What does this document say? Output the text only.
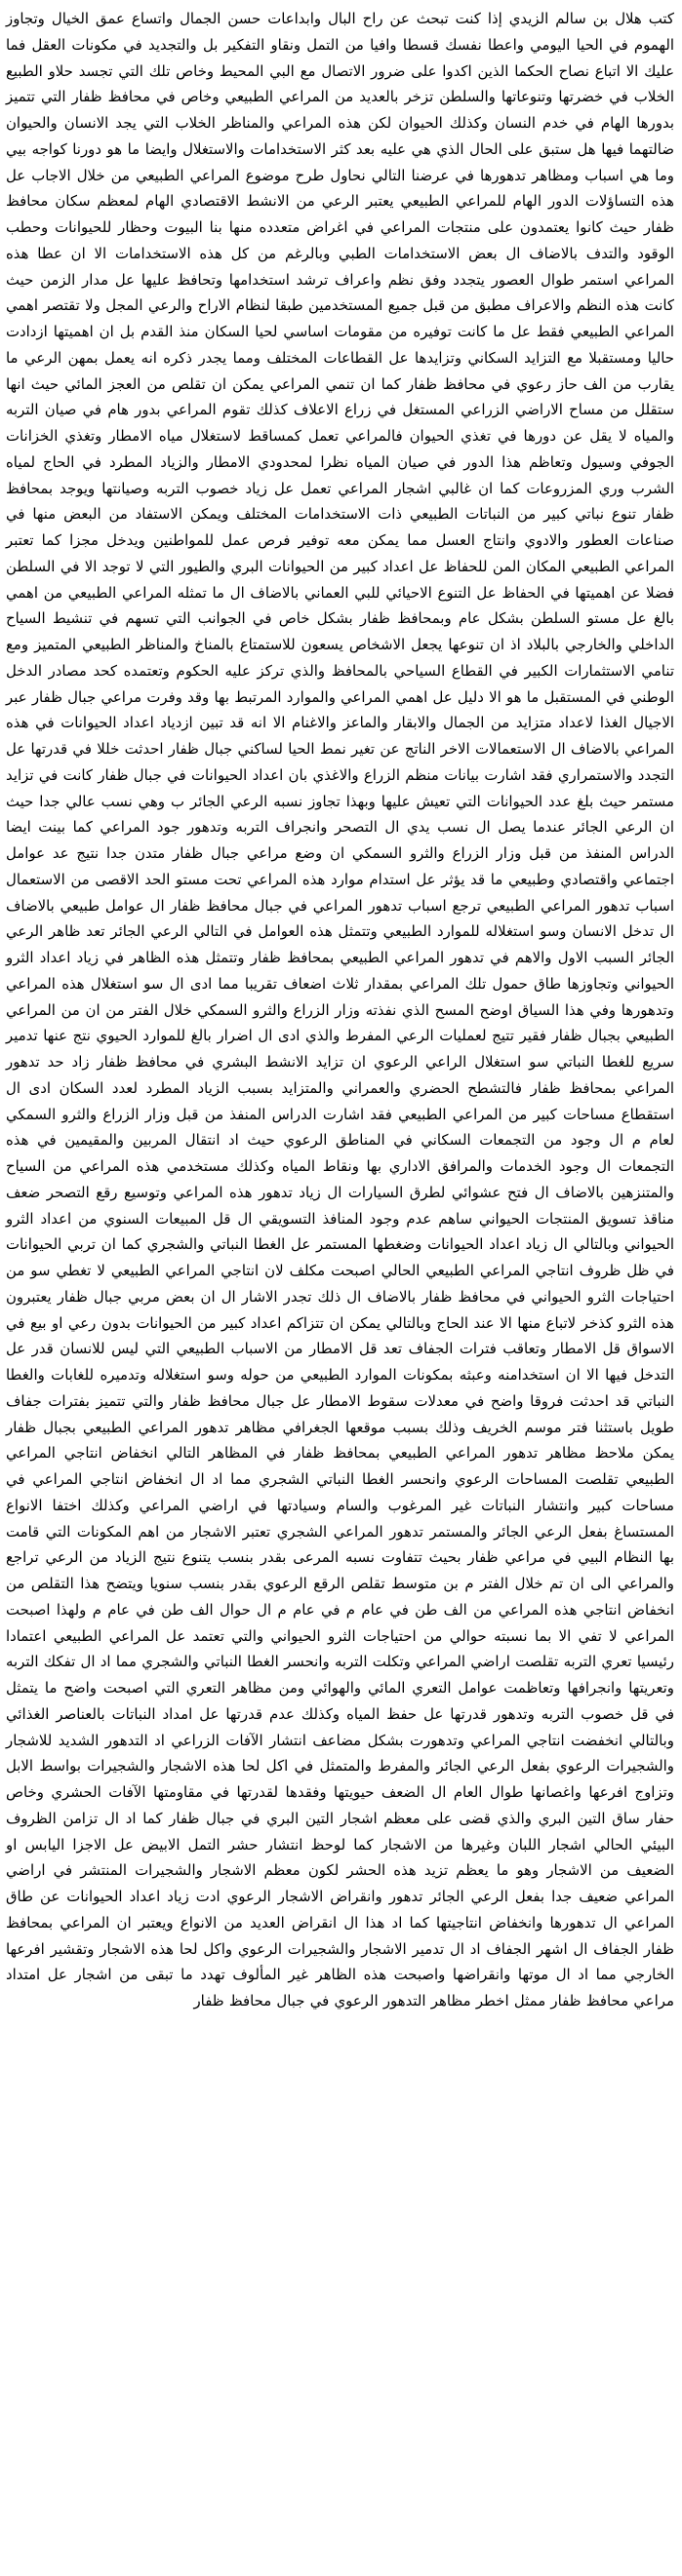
كتب هلال بن سالم الزيدي إذا كنت تبحث عن راح البال وابداعات حسن الجمال واتساع عمق الخيال وتجاوز الهموم في الحيا اليومي واعطا نفسك قسطا وافيا من التمل ونقاو التفكير بل والتجديد في مكونات العقل فما عليك الا اتباع نصاح الحكما الذين اكدوا على ضرور الاتصال مع البي المحيط وخاص تلك التي تجسد حلاو الطبيع الخلاب في خضرتها وتنوعاتها والسلطن تزخر بالعديد من المراعي الطبيعي وخاص في محافظ ظفار التي تتميز بدورها الهام في خدم النسان وكذلك الحيوان لكن هذه المراعي والمناظر الخلاب التي يجد الانسان والحيوان ضالتهما فيها هل ستبق على الحال الذي هي عليه بعد كثر الاستخدامات والاستغلال وايضا ما هو دورنا كواجه بيي وما هي اسباب ومظاهر تدهورها في عرضنا التالي نحاول طرح موضوع المراعي الطبيعي من خلال الاجاب عل هذه التساؤلات الدور الهام للمراعي الطبيعي يعتبر الرعي من الانشط الاقتصادي الهام لمعظم سكان محافظ ظفار حيث كانوا يعتمدون على منتجات المراعي في اغراض متعدده منها بنا البيوت وحظار للحيوانات وحطب الوقود والتدف بالاضاف ال بعض الاستخدامات الطبي وبالرغم من كل هذه الاستخدامات الا ان عطا هذه المراعي استمر طوال العصور يتجدد وفق نظم واعراف ترشد استخدامها وتحافظ عليها عل مدار الزمن حيث كانت هذه النظم والاعراف مطبق من قبل جميع المستخدمين طبقا لنظام الاراح والرعي المجل ولا تقتصر اهمي المراعي الطبيعي فقط عل ما كانت توفيره من مقومات اساسي لحيا السكان منذ القدم بل ان اهميتها ازدادت حاليا ومستقبلا مع التزايد السكاني وتزايدها عل القطاعات المختلف ومما يجدر ذكره انه يعمل بمهن الرعي ما يقارب من الف حاز رعوي في محافظ ظفار كما ان تنمي المراعي يمكن ان تقلص من العجز المائي حيث انها ستقلل من مساح الاراضي الزراعي المستغل في زراع الاعلاف كذلك تقوم المراعي بدور هام في صيان التربه والمياه لا يقل عن دورها في تغذي الحيوان فالمراعي تعمل كمساقط لاستغلال مياه الامطار وتغذي الخزانات الجوفي وسيول وتعاظم هذا الدور في صيان المياه نظرا لمحدودي الامطار والزياد المطرد في الحاج لمياه الشرب وري المزروعات كما ان غالبي اشجار المراعي تعمل عل زياد خصوب التربه وصيانتها ويوجد بمحافظ ظفار تنوع نباتي كبير من النباتات الطبيعي ذات الاستخدامات المختلف ويمكن الاستفاد من البعض منها في صناعات العطور والادوي وانتاج العسل مما يمكن معه توفير فرص عمل للمواطنين ويدخل مجزا كما تعتبر المراعي الطبيعي المكان المن للحفاظ عل اعداد كبير من الحيوانات البري والطيور التي لا توجد الا في السلطن فضلا عن اهميتها في الحفاظ عل التنوع الاحيائي للبي العماني بالاضاف ال ما تمثله المراعي الطبيعي من اهمي بالغ عل مستو السلطن بشكل عام وبمحافظ ظفار بشكل خاص في الجوانب التي تسهم في تنشيط السياح الداخلي والخارجي بالبلاد اذ ان تنوعها يجعل الاشخاص يسعون للاستمتاع بالمناخ والمناظر الطبيعي المتميز ومع تنامي الاستثمارات الكبير في القطاع السياحي بالمحافظ والذي تركز عليه الحكوم وتعتمده كحد مصادر الدخل الوطني في المستقبل ما هو الا دليل عل اهمي المراعي والموارد المرتبط بها وقد وفرت مراعي جبال ظفار عبر الاجيال الغذا لاعداد متزايد من الجمال والابقار والماعز والاغنام الا انه قد تبين ازدياد اعداد الحيوانات في هذه المراعي بالاضاف ال الاستعمالات الاخر الناتج عن تغير نمط الحيا لساكني جبال ظفار احدثت خللا في قدرتها عل التجدد والاستمراري فقد اشارت بيانات منظم الزراع والاغذي بان اعداد الحيوانات في جبال ظفار كانت في تزايد مستمر حيث بلغ عدد الحيوانات التي تعيش عليها وبهذا تجاوز نسبه الرعي الجائر ب وهي نسب عالي جدا حيث ان الرعي الجائر عندما يصل ال نسب يدي ال التصحر وانجراف التربه وتدهور جود المراعي كما بينت ايضا الدراس المنفذ من قبل وزار الزراع والثرو السمكي ان وضع مراعي جبال ظفار متدن جدا نتيج عد عوامل اجتماعي واقتصادي وطبيعي ما قد يؤثر عل استدام موارد هذه المراعي تحت مستو الحد الاقصى من الاستعمال اسباب تدهور المراعي الطبيعي ترجع اسباب تدهور المراعي في جبال محافظ ظفار ال عوامل طبيعي بالاضاف ال تدخل الانسان وسو استغلاله للموارد الطبيعي وتتمثل هذه العوامل في التالي الرعي الجائر تعد ظاهر الرعي الجائر السبب الاول والاهم في تدهور المراعي الطبيعي بمحافظ ظفار وتتمثل هذه الظاهر في زياد اعداد الثرو الحيواني وتجاوزها طاق حمول تلك المراعي بمقدار ثلاث اضعاف تقريبا مما ادى ال سو استغلال هذه المراعي وتدهورها وفي هذا السياق اوضح المسح الذي نفذته وزار الزراع والثرو السمكي خلال الفتر من ان من المراعي الطبيعي بجبال ظفار فقير تتيج لعمليات الرعي المفرط والذي ادى ال اضرار بالغ للموارد الحيوي نتج عنها تدمير سريع للغطا النباتي سو استغلال الراعي الرعوي ان تزايد الانشط البشري في محافظ ظفار زاد حد تدهور المراعي بمحافظ ظفار فالتشطح الحضري والعمراني والمتزايد بسبب الزياد المطرد لعدد السكان ادى ال استقطاع مساحات كبير من المراعي الطبيعي فقد اشارت الدراس المنفذ من قبل وزار الزراع والثرو السمكي لعام م ال وجود من التجمعات السكاني في المناطق الرعوي حيث اد انتقال المربين والمقيمين في هذه التجمعات ال وجود الخدمات والمرافق الاداري بها ونقاط المياه وكذلك مستخدمي هذه المراعي من السياح والمتنزهين بالاضاف ال فتح عشوائي لطرق السيارات ال زياد تدهور هذه المراعي وتوسيع رقع التصحر ضعف مناقذ تسويق المنتجات الحيواني ساهم عدم وجود المنافذ التسويقي ال قل المبيعات السنوي من اعداد الثرو الحيواني وبالتالي ال زياد اعداد الحيوانات وضغطها المستمر عل الغطا النباتي والشجري كما ان تربي الحيوانات في ظل ظروف انتاجي المراعي الطبيعي الحالي اصبحت مكلف لان انتاجي المراعي الطبيعي لا تغطي سو من احتياجات الثرو الحيواني في محافظ ظفار بالاضاف ال ذلك تجدر الاشار ال ان بعض مربي جبال ظفار يعتبرون هذه الثرو كذخر لاتباع منها الا عند الحاج وبالتالي يمكن ان تتزاكم اعداد كبير من الحيوانات بدون رعي او بيع في الاسواق قل الامطار وتعاقب فترات الجفاف تعد قل الامطار من الاسباب الطبيعي التي ليس للانسان قدر عل التدخل فيها الا ان استخدامنه وعبثه بمكونات الموارد الطبيعي من حوله وسو استغلاله وتدميره للغابات والغطا النباتي قد احدثت فروقا واضح في معدلات سقوط الامطار عل جبال محافظ ظفار والتي تتميز بفترات جفاف طويل باستثنا فتر موسم الخريف وذلك بسبب موقعها الجغرافي مظاهر تدهور المراعي الطبيعي بجبال ظفار يمكن ملاحظ مظاهر تدهور المراعي الطبيعي بمحافظ ظفار في المظاهر التالي انخفاض انتاجي المراعي الطبيعي تقلصت المساحات الرعوي وانحسر الغطا النباتي الشجري مما اد ال انخفاض انتاجي المراعي في مساحات كبير وانتشار النباتات غير المرغوب والسام وسيادتها في اراضي المراعي وكذلك اختفا الانواع المستساغ بفعل الرعي الجائر والمستمر تدهور المراعي الشجري تعتبر الاشجار من اهم المكونات التي قامت بها النظام البيي في مراعي ظفار بحيث تتفاوت نسبه المرعى بقدر بنسب يتنوع نتيج الزياد من الرعي تراجع والمراعي الى ان تم خلال الفتر م بن متوسط تقلص الرقع الرعوي بقدر بنسب سنويا ويتضح هذا التقلص من انخفاض انتاجي هذه المراعي من الف طن في عام م في عام م ال حوال الف طن في عام م ولهذا اصبحت المراعي لا تفي الا بما نسبته حوالي من احتياجات الثرو الحيواني والتي تعتمد عل المراعي الطبيعي اعتمادا رئيسيا تعري التربه تقلصت اراضي المراعي وتكلت التربه وانحسر الغطا النباتي والشجري مما اد ال تفكك التربه وتعريتها وانجرافها وتعاظمت عوامل التعري المائي والهوائي ومن مظاهر التعري التي اصبحت واضح ما يتمثل في قل خصوب التربه وتدهور قدرتها عل حفظ المياه وكذلك عدم قدرتها عل امداد النباتات بالعناصر الغذائي وبالتالي انخفضت انتاجي المراعي وتدهورت بشكل مضاعف انتشار الآفات الزراعي اد التدهور الشديد للاشجار والشجيرات الرعوي بفعل الرعي الجائر والمفرط والمتمثل في اكل لحا هذه الاشجار والشجيرات بواسط الابل وتزاوج افرعها واغصانها طوال العام ال الضعف حيويتها وفقدها لقدرتها في مقاومتها الآفات الحشري وخاص حفار ساق التين البري والذي قضى على معظم اشجار التين البري في جبال ظفار كما اد ال تزامن الظروف البيئي الحالي اشجار اللبان وغيرها من الاشجار كما لوحظ انتشار حشر التمل الابيض عل الاجزا اليابس او الضعيف من الاشجار وهو ما يعظم تزيد هذه الحشر لكون معظم الاشجار والشجيرات المنتشر في اراضي المراعي ضعيف جدا بفعل الرعي الجائر تدهور وانقراض الاشجار الرعوي ادت زياد اعداد الحيوانات عن طاق المراعي ال تدهورها وانخفاض انتاجيتها كما اد هذا ال انقراض العديد من الانواع ويعتبر ان المراعي بمحافظ ظفار الجفاف ال اشهر الجفاف اد ال تدمير الاشجار والشجيرات الرعوي واكل لحا هذه الاشجار وتقشير افرعها الخارجي مما اد ال موتها وانقراضها واصبحت هذه الظاهر غير المألوف تهدد ما تبقى من اشجار عل امتداد مراعي محافظ ظفار ممثل اخطر مظاهر التدهور الرعوي في جبال محافظ ظفار
